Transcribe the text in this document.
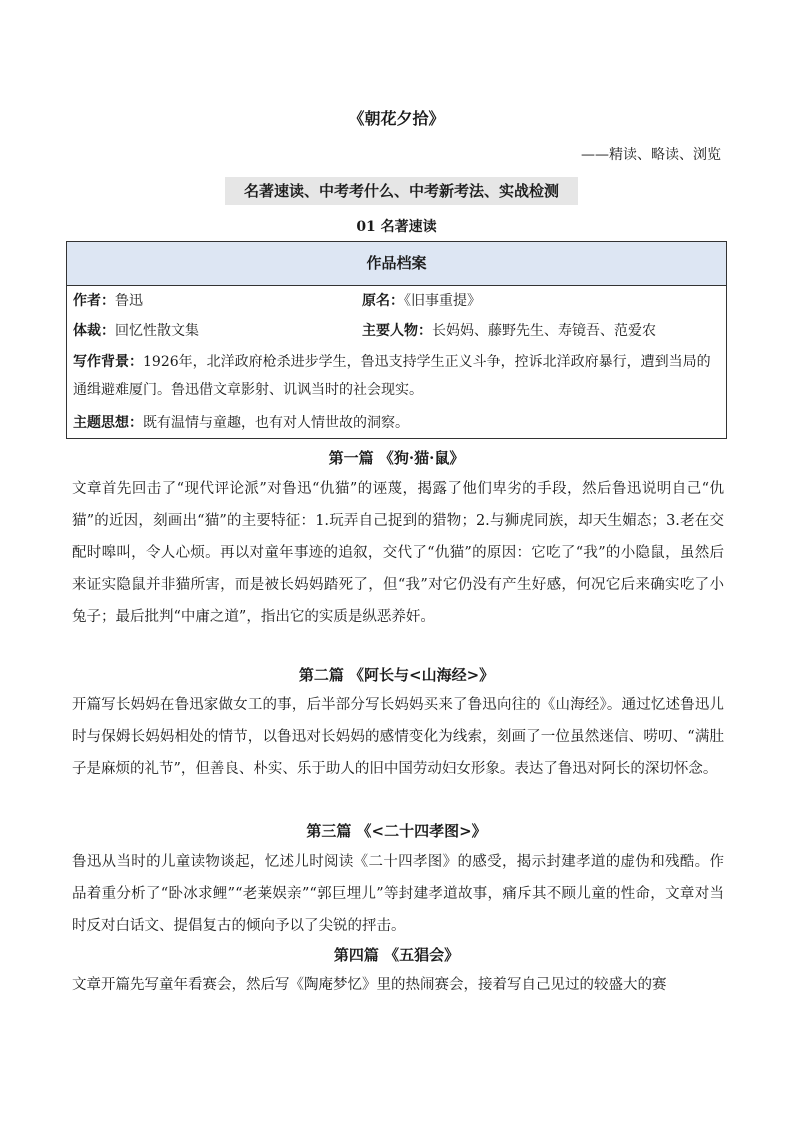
《朝花夕拾》
——精读、略读、浏览
名著速读、中考考什么、中考新考法、实战检测
01 名著速读
作品档案
作者：鲁迅	原名：《旧事重提》
体裁：回忆性散文集	主要人物：长妈妈、藤野先生、寿镜吾、范爱农
写作背景：1926年，北洋政府枪杀进步学生，鲁迅支持学生正义斗争，控诉北洋政府暴行，遭到当局的通缉避难厦门。鲁迅借文章影射、讥讽当时的社会现实。
主题思想：既有温情与童趣，也有对人情世故的洞察。
第一篇 《狗·猫·鼠》
文章首先回击了“现代评论派”对鲁迅“仇猫”的诬蔑，揭露了他们卑劣的手段，然后鲁迅说明自己“仇猫”的近因，刻画出“猫”的主要特征：1.玩弄自己捉到的猎物；2.与狮虎同族，却天生媚态；3.老在交配时嗥叫，令人心烦。再以对童年事迹的追叙，交代了“仇猫”的原因：它吃了“我”的小隐鼠，虽然后来证实隐鼠并非猫所害，而是被长妈妈踏死了，但“我”对它仍没有产生好感，何况它后来确实吃了小兔子；最后批判“中庸之道”，指出它的实质是纵恶养奸。
第二篇 《阿长与<山海经>》
开篇写长妈妈在鲁迅家做女工的事，后半部分写长妈妈买来了鲁迅向往的《山海经》。通过忆述鲁迅儿时与保姆长妈妈相处的情节，以鲁迅对长妈妈的感情变化为线索，刻画了一位虽然迷信、唠叨、“满肚子是麻烦的礼节”，但善良、朴实、乐于助人的旧中国劳动妇女形象。表达了鲁迅对阿长的深切怀念。
第三篇 《<二十四孝图>》
鲁迅从当时的儿童读物谈起，忆述儿时阅读《二十四孝图》的感受，揭示封建孝道的虚伪和残酷。作品着重分析了“卧冰求鲤”“老莱娱亲”“郭巨埋儿”等封建孝道故事，痛斥其不顾儿童的性命，文章对当时反对白话文、提倡复古的倾向予以了尖锐的抨击。
第四篇 《五猖会》
文章开篇先写童年看赛会，然后写《陶庵梦忆》里的热闹赛会，接着写自己见过的较盛大的赛
